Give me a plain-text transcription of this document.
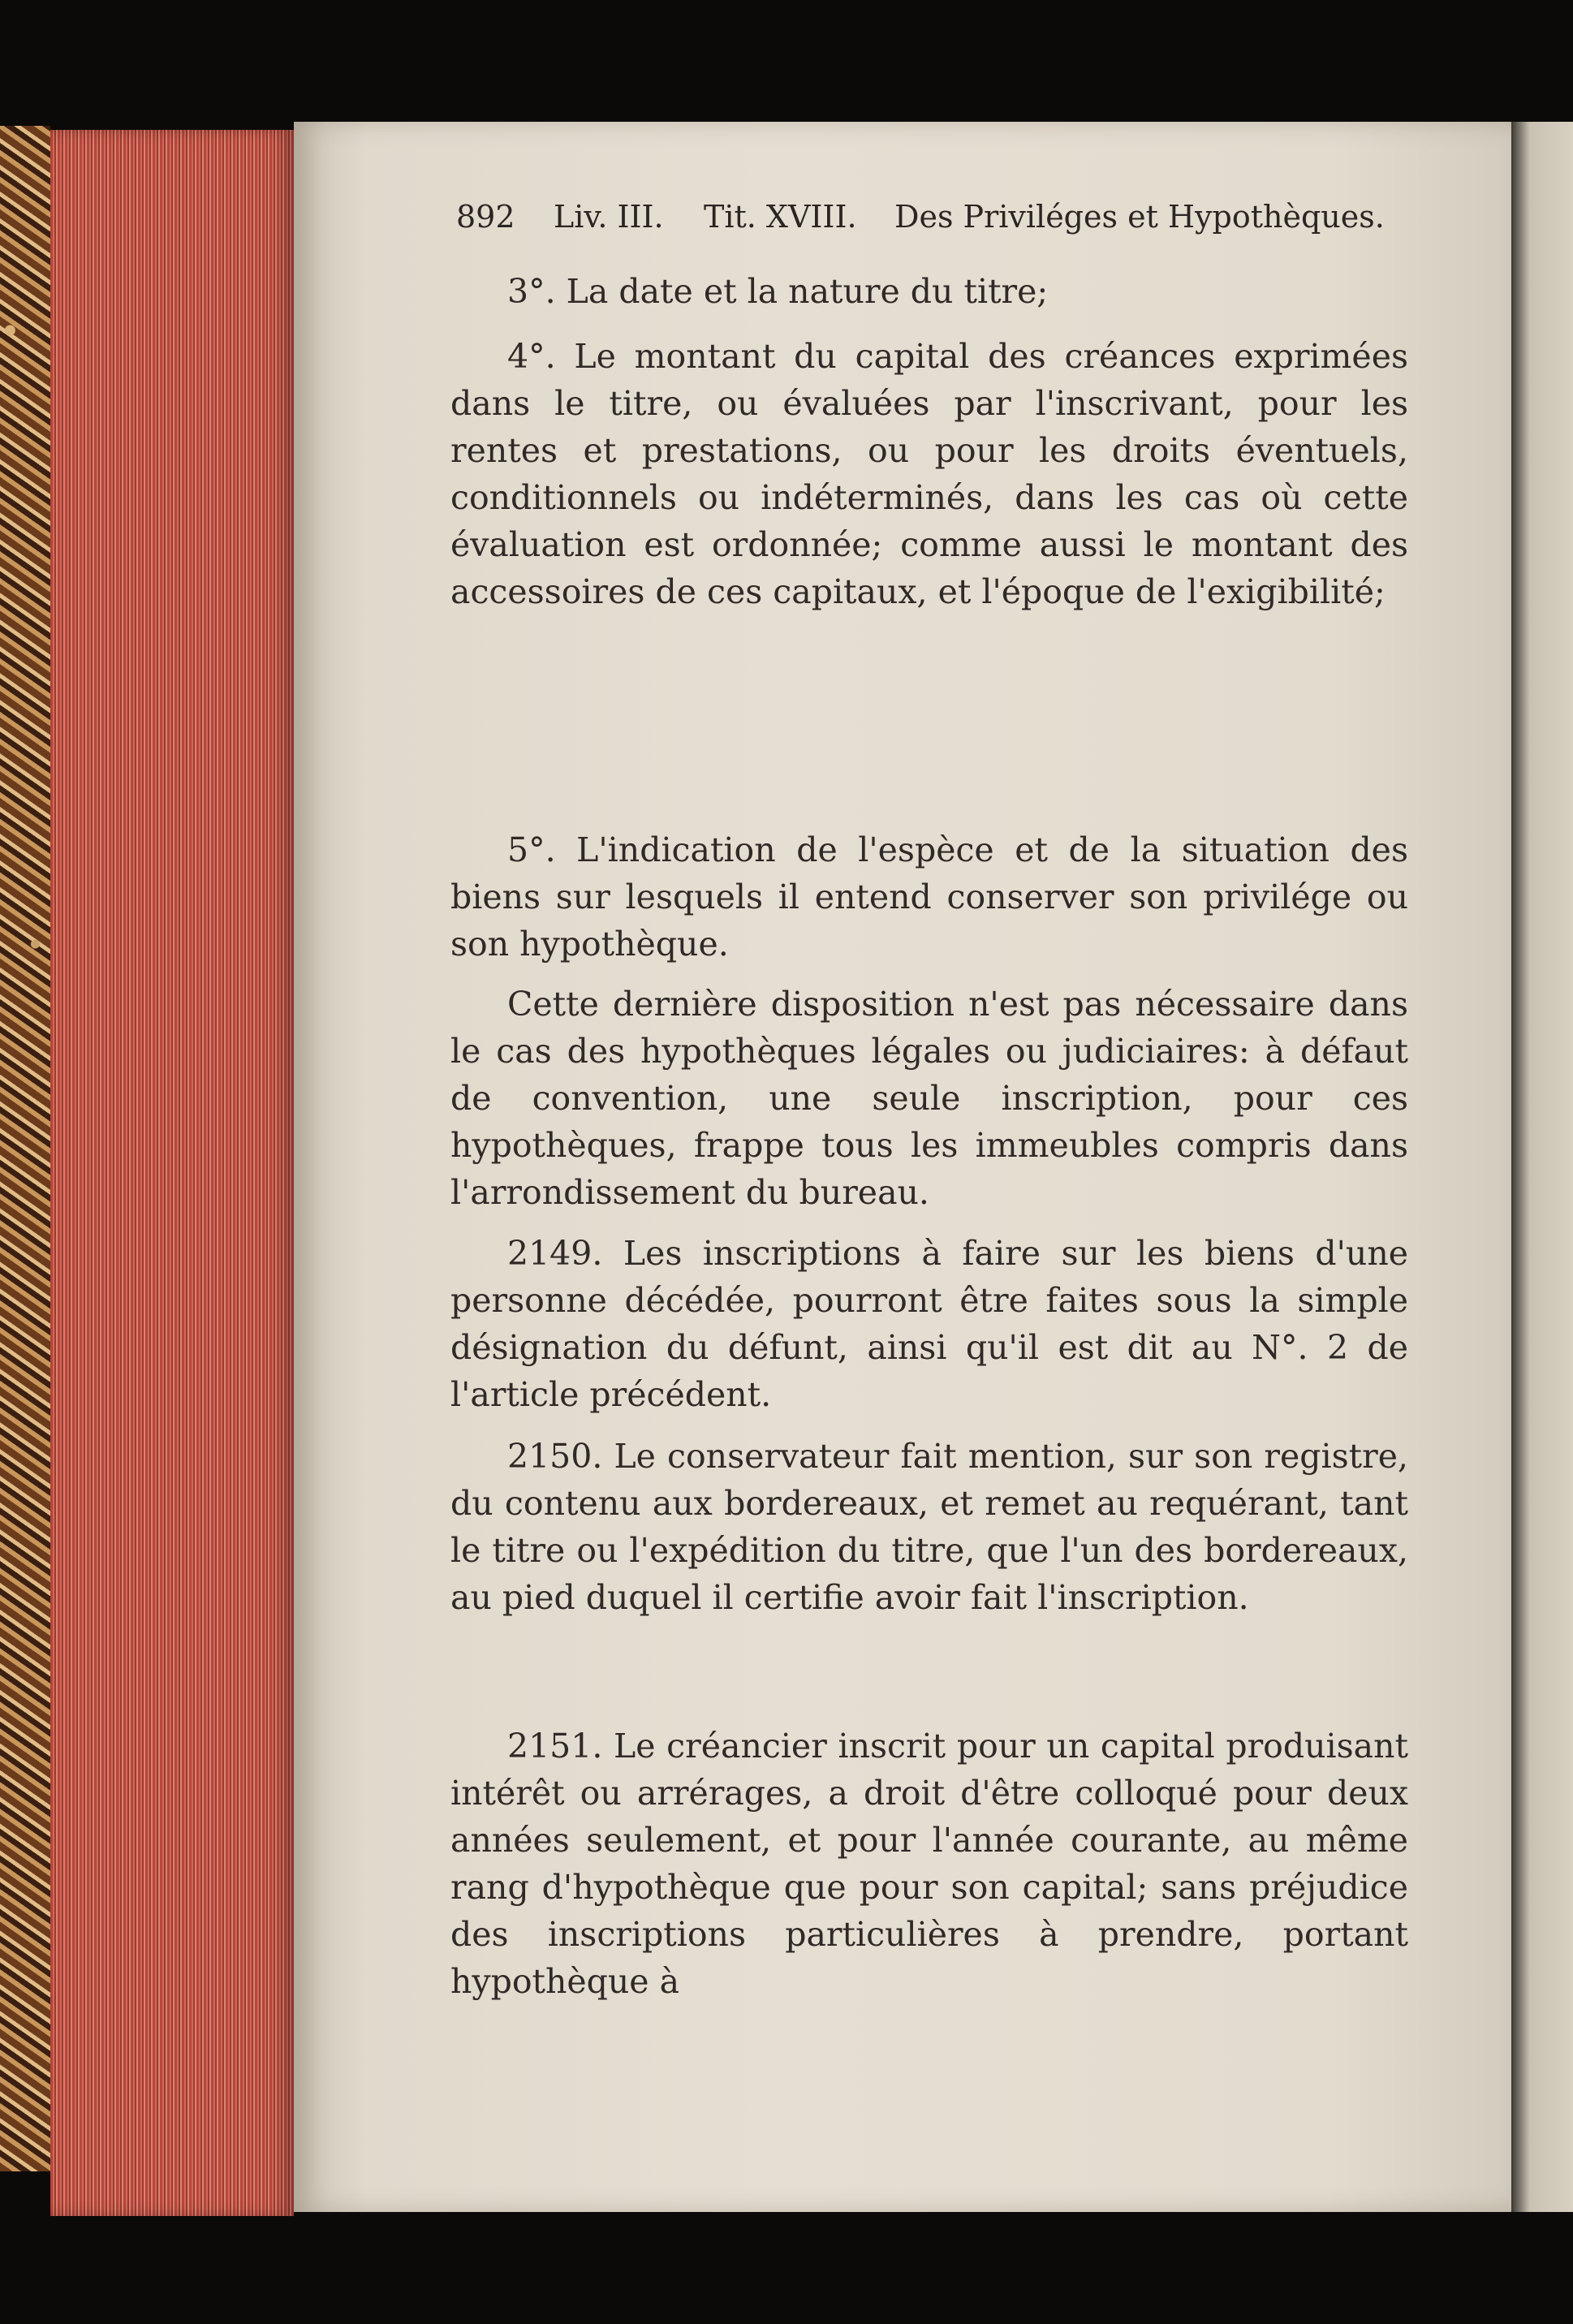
892 Liv. III. Tit. XVIII. Des Priviléges et Hypothèques.
3°. La date et la nature du titre;
4°. Le montant du capital des créances exprimées dans le titre, ou évaluées par l'inscrivant, pour les rentes et prestations, ou pour les droits éventuels, conditionnels ou indéterminés, dans les cas où cette évaluation est ordonnée; comme aussi le montant des accessoires de ces capitaux, et l'époque de l'exigibilité;
5°. L'indication de l'espèce et de la situation des biens sur lesquels il entend conserver son privilége ou son hypothèque.
Cette dernière disposition n'est pas nécessaire dans le cas des hypothèques légales ou judiciaires: à défaut de convention, une seule inscription, pour ces hypothèques, frappe tous les immeubles compris dans l'arrondissement du bureau.
2149. Les inscriptions à faire sur les biens d'une personne décédée, pourront être faites sous la simple désignation du défunt, ainsi qu'il est dit au N°. 2 de l'article précédent.
2150. Le conservateur fait mention, sur son registre, du contenu aux bordereaux, et remet au requérant, tant le titre ou l'expédition du titre, que l'un des bordereaux, au pied duquel il certifie avoir fait l'inscription.
2151. Le créancier inscrit pour un capital produisant intérêt ou arrérages, a droit d'être colloqué pour deux années seulement, et pour l'année courante, au même rang d'hypothèque que pour son capital; sans préjudice des inscriptions particulières à prendre, portant hypothèque à
